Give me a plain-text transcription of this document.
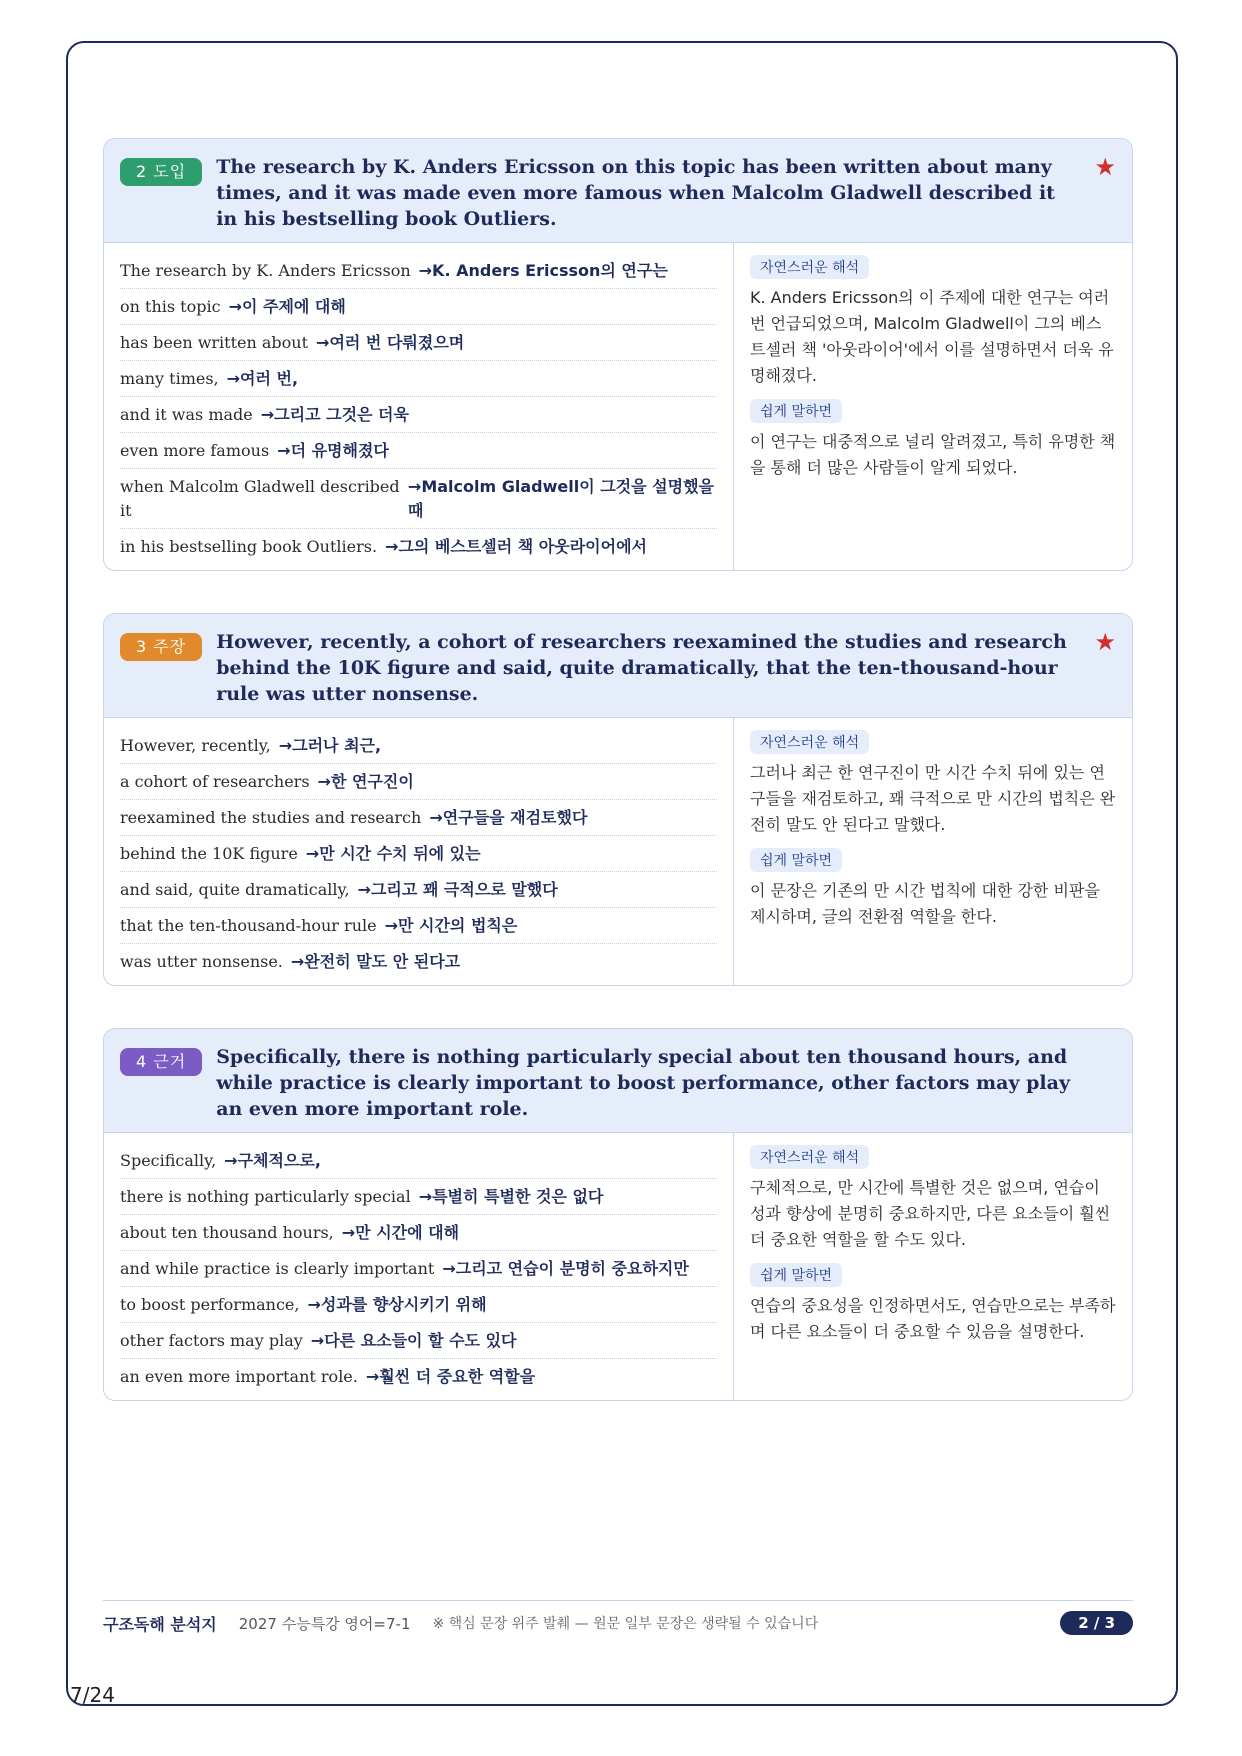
2 도입	The research by K. Anders Ericsson on this topic has been written about many times, and it was made even more famous when Malcolm Gladwell described it in his bestselling book Outliers.
★
The research by K. Anders Ericsson →K. Anders Ericsson의 연구는
on this topic →이 주제에 대해
has been written about →여러 번 다뤄졌으며
many times, →여러 번,
and it was made →그리고 그것은 더욱
even more famous →더 유명해졌다
when Malcolm Gladwell described it
→Malcolm Gladwell이 그것을 설명했을 때
in his bestselling book Outliers. →그의 베스트셀러 책 아웃라이어에서
자연스러운 해석

K. Anders Ericsson의 이 주제에 대한 연구는 여러 번 언급되었으며, Malcolm Gladwell이 그의 베스트셀러 책 '아웃라이어'에서 이를 설명하면서 더욱 유명해졌다.

쉽게 말하면

이 연구는 대중적으로 널리 알려졌고, 특히 유명한 책을 통해 더 많은 사람들이 알게 되었다.

3 주장	However, recently, a cohort of researchers reexamined the studies and research behind the 10K figure and said, quite dramatically, that the ten-thousand-hour rule was utter nonsense.
★
However, recently, →그러나 최근,
a cohort of researchers →한 연구진이
reexamined the studies and research →연구들을 재검토했다
behind the 10K figure →만 시간 수치 뒤에 있는
and said, quite dramatically, →그리고 꽤 극적으로 말했다
that the ten-thousand-hour rule →만 시간의 법칙은
was utter nonsense. →완전히 말도 안 된다고
자연스러운 해석

그러나 최근 한 연구진이 만 시간 수치 뒤에 있는 연구들을 재검토하고, 꽤 극적으로 만 시간의 법칙은 완전히 말도 안 된다고 말했다.

쉽게 말하면

이 문장은 기존의 만 시간 법칙에 대한 강한 비판을 제시하며, 글의 전환점 역할을 한다.

4 근거	Specifically, there is nothing particularly special about ten thousand hours, and while practice is clearly important to boost performance, other factors may play an even more important role.
Specifically, →구체적으로,
there is nothing particularly special →특별히 특별한 것은 없다
about ten thousand hours, →만 시간에 대해
and while practice is clearly important →그리고 연습이 분명히 중요하지만
to boost performance, →성과를 향상시키기 위해
other factors may play →다른 요소들이 할 수도 있다
an even more important role. →훨씬 더 중요한 역할을
자연스러운 해석

구체적으로, 만 시간에 특별한 것은 없으며, 연습이 성과 향상에 분명히 중요하지만, 다른 요소들이 훨씬 더 중요한 역할을 할 수도 있다.

쉽게 말하면

연습의 중요성을 인정하면서도, 연습만으로는 부족하며 다른 요소들이 더 중요할 수 있음을 설명한다.

구조독해 분석지 2027 수능특강 영어=7-1 ※ 핵심 문장 위주 발췌 — 원문 일부 문장은 생략될 수 있습니다	2 / 3
7/24
